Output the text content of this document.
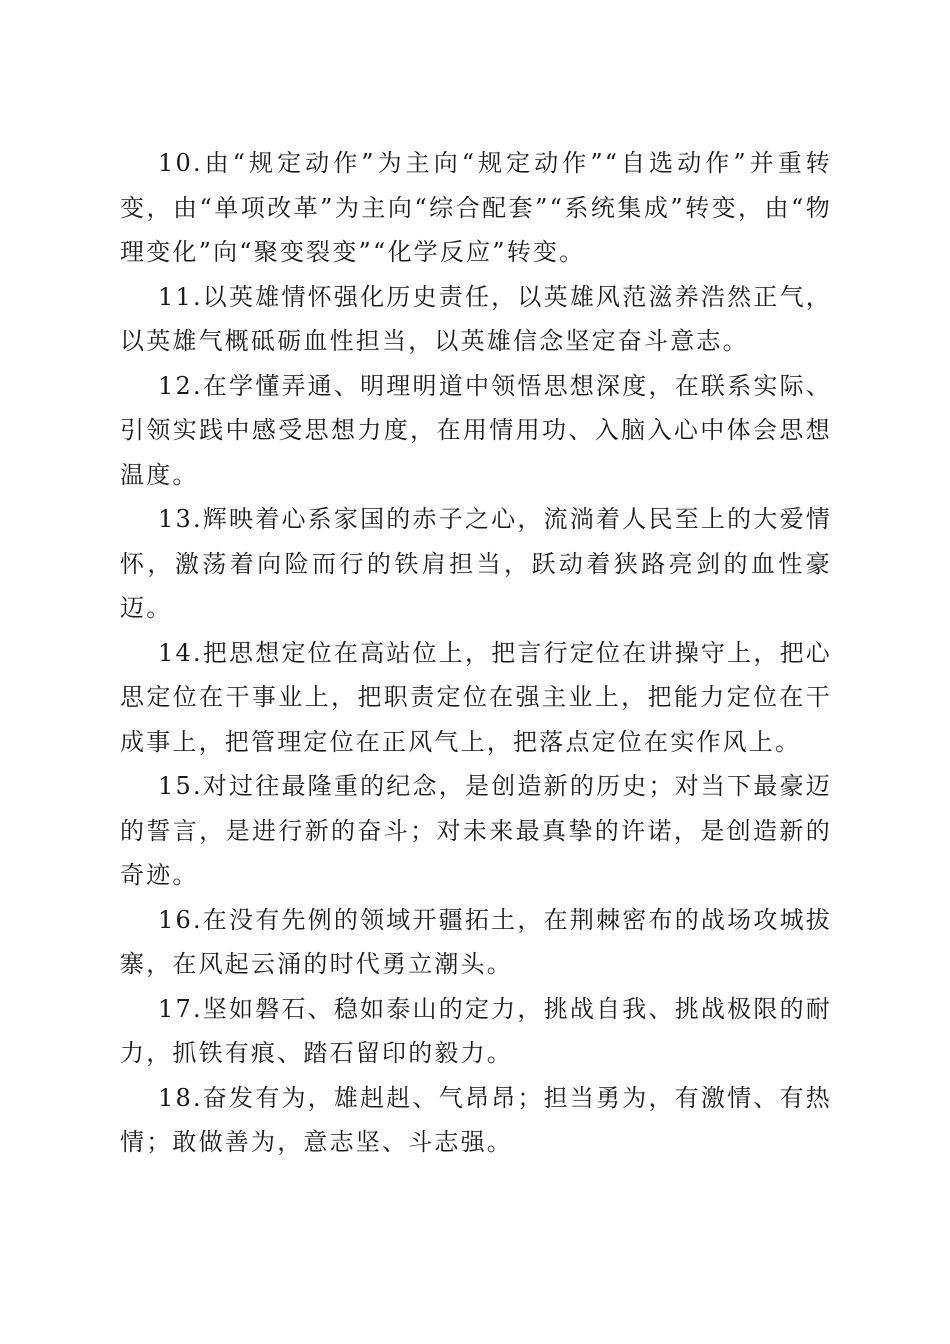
10.由“规定动作”为主向“规定动作”“自选动作”并重转变，由“单项改革”为主向“综合配套”“系统集成”转变，由“物理变化”向“聚变裂变”“化学反应”转变。

11.以英雄情怀强化历史责任，以英雄风范滋养浩然正气，以英雄气概砥砺血性担当，以英雄信念坚定奋斗意志。

12.在学懂弄通、明理明道中领悟思想深度，在联系实际、引领实践中感受思想力度，在用情用功、入脑入心中体会思想温度。

13.辉映着心系家国的赤子之心，流淌着人民至上的大爱情怀，激荡着向险而行的铁肩担当，跃动着狭路亮剑的血性豪迈。

14.把思想定位在高站位上，把言行定位在讲操守上，把心思定位在干事业上，把职责定位在强主业上，把能力定位在干成事上，把管理定位在正风气上，把落点定位在实作风上。

15.对过往最隆重的纪念，是创造新的历史；对当下最豪迈的誓言，是进行新的奋斗；对未来最真挚的许诺，是创造新的奇迹。

16.在没有先例的领域开疆拓土，在荆棘密布的战场攻城拔寨，在风起云涌的时代勇立潮头。

17.坚如磐石、稳如泰山的定力，挑战自我、挑战极限的耐力，抓铁有痕、踏石留印的毅力。

18.奋发有为，雄赳赳、气昂昂；担当勇为，有激情、有热情；敢做善为，意志坚、斗志强。
